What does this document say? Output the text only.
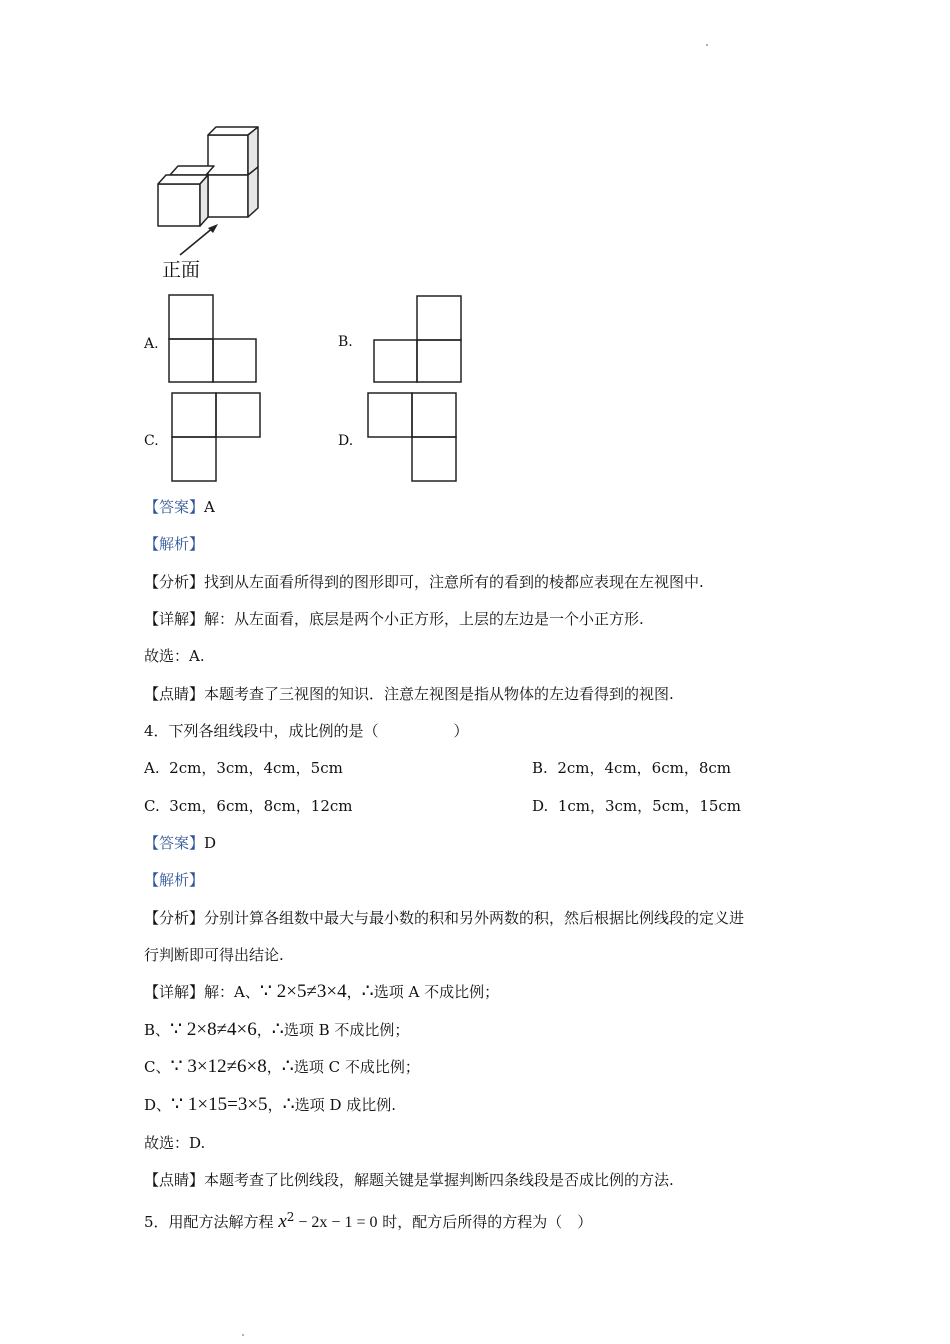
正面
A.	B.
C.	D.
【答案】A
【解析】
【分析】找到从左面看所得到的图形即可，注意所有的看到的棱都应表现在左视图中.
【详解】解：从左面看，底层是两个小正方形，上层的左边是一个小正方形.
故选：A.
【点睛】本题考查了三视图的知识．注意左视图是指从物体的左边看得到的视图.
4．下列各组线段中，成比例的是（　　　　　）
A. 2cm，3cm，4cm，5cm	B. 2cm，4cm，6cm，8cm
C. 3cm，6cm，8cm，12cm	D. 1cm，3cm，5cm，15cm
【答案】D
【解析】
【分析】分别计算各组数中最大与最小数的积和另外两数的积，然后根据比例线段的定义进
行判断即可得出结论.
【详解】解：A、∵ 2×5≠3×4，∴选项 A 不成比例；
B、∵ 2×8≠4×6，∴选项 B 不成比例；
C、∵ 3×12≠6×8，∴选项 C 不成比例；
D、∵ 1×15=3×5，∴选项 D 成比例.
故选：D.
【点睛】本题考查了比例线段，解题关键是掌握判断四条线段是否成比例的方法.
5．用配方法解方程 $x^2 - 2x - 1 = 0$ 时，配方后所得的方程为（　）
